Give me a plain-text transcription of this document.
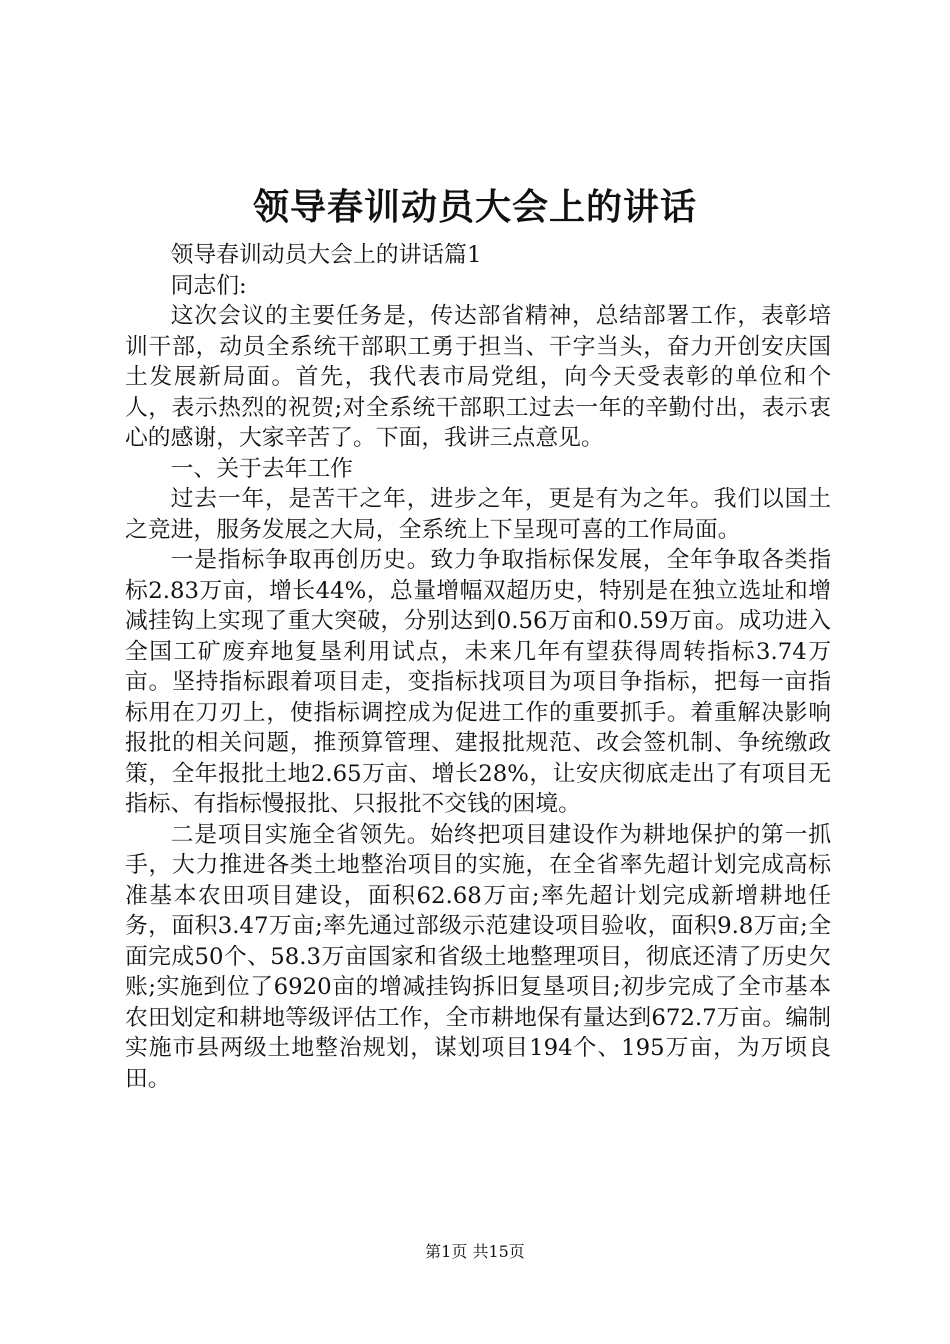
领导春训动员大会上的讲话

领导春训动员大会上的讲话篇1

同志们:

这次会议的主要任务是，传达部省精神，总结部署工作，表彰培训干部，动员全系统干部职工勇于担当、干字当头，奋力开创安庆国土发展新局面。首先，我代表市局党组，向今天受表彰的单位和个人，表示热烈的祝贺;对全系统干部职工过去一年的辛勤付出，表示衷心的感谢，大家辛苦了。下面，我讲三点意见。

一、关于去年工作

过去一年，是苦干之年，进步之年，更是有为之年。我们以国土之竞进，服务发展之大局，全系统上下呈现可喜的工作局面。

一是指标争取再创历史。致力争取指标保发展，全年争取各类指标2.83万亩，增长44%，总量增幅双超历史，特别是在独立选址和增减挂钩上实现了重大突破，分别达到0.56万亩和0.59万亩。成功进入全国工矿废弃地复垦利用试点，未来几年有望获得周转指标3.74万亩。坚持指标跟着项目走，变指标找项目为项目争指标，把每一亩指标用在刀刃上，使指标调控成为促进工作的重要抓手。着重解决影响报批的相关问题，推预算管理、建报批规范、改会签机制、争统缴政策，全年报批土地2.65万亩、增长28%，让安庆彻底走出了有项目无指标、有指标慢报批、只报批不交钱的困境。

二是项目实施全省领先。始终把项目建设作为耕地保护的第一抓手，大力推进各类土地整治项目的实施，在全省率先超计划完成高标准基本农田项目建设，面积62.68万亩;率先超计划完成新增耕地任务，面积3.47万亩;率先通过部级示范建设项目验收，面积9.8万亩;全面完成50个、58.3万亩国家和省级土地整理项目，彻底还清了历史欠账;实施到位了6920亩的增减挂钩拆旧复垦项目;初步完成了全市基本农田划定和耕地等级评估工作，全市耕地保有量达到672.7万亩。编制实施市县两级土地整治规划，谋划项目194个、195万亩，为万顷良田。

第1页 共15页
